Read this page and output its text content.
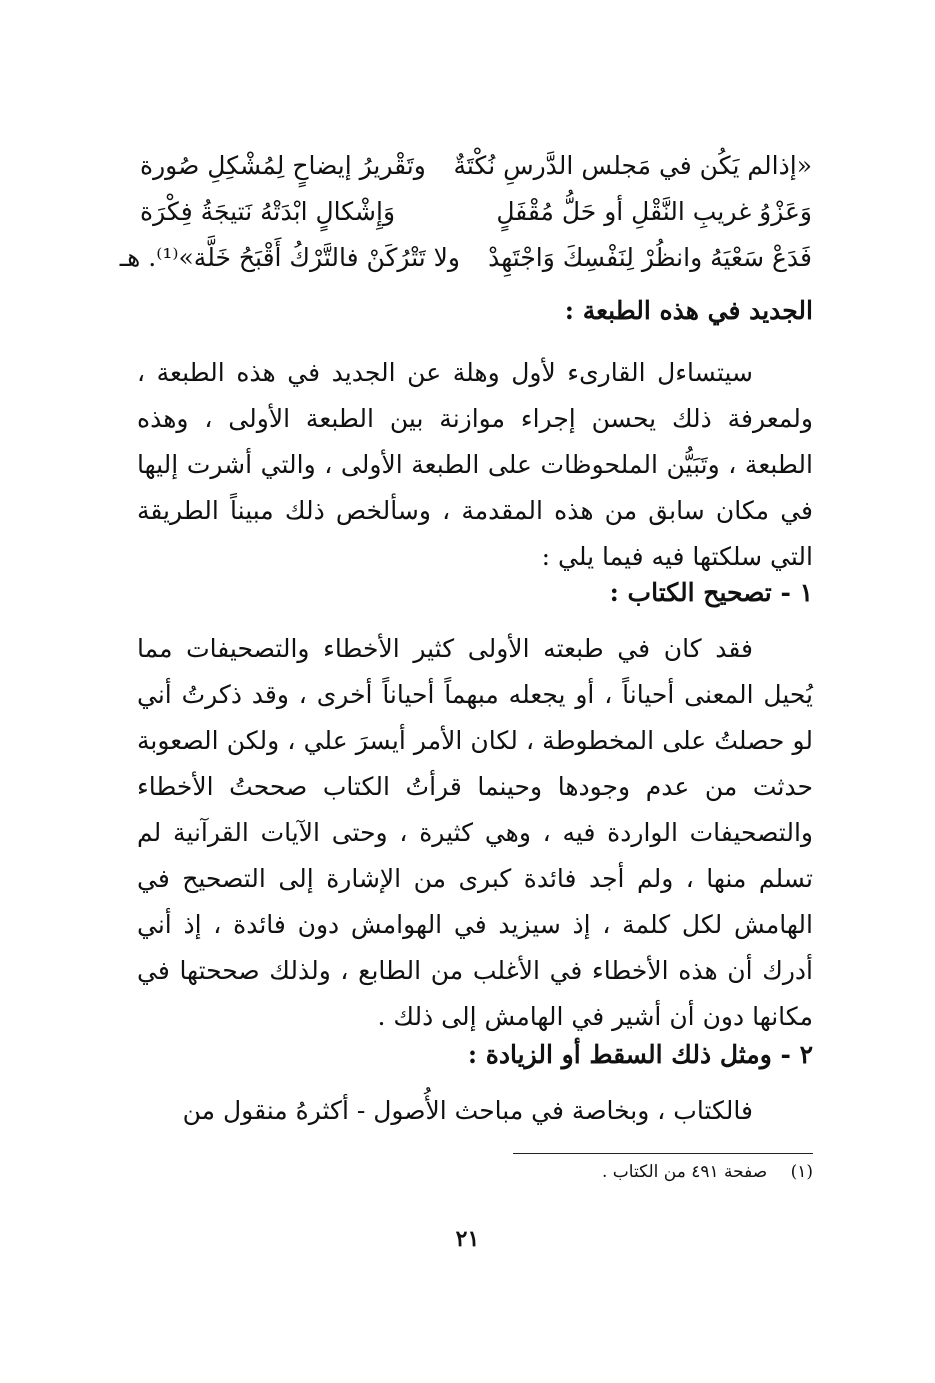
«إذالم يَكُن في مَجلس الدَّرسِ نُكْتَةٌ
وتَقْريرُ إيضاحٍ لِمُشْكِلِ صُورة
وَعَزْوُ غريبِ النَّقْلِ أو حَلُّ مُقْفَلٍ
وَإِشْكالٍ ابْدَتْهُ نَتيجَةُ فِكْرَة
فَدَعْ سَعْيَهُ وانظُرْ لِنَفْسِكَ وَاجْتَهِدْ
ولا تَتْرُكَنْ فالتَّرْكُ أَقْبَحُ خَلَّة»⁽¹⁾. هـ
الجديد في هذه الطبعة :

سيتساءل القارىء لأول وهلة عن الجديد في هذه الطبعة ، ولمعرفة ذلك يحسن إجراء موازنة بين الطبعة الأولى ، وهذه الطبعة ، وتَبَيُّن الملحوظات على الطبعة الأولى ، والتي أشرت إليها في مكان سابق من هذه المقدمة ، وسألخص ذلك مبيناً الطريقة التي سلكتها فيه فيما يلي :

١ - تصحيح الكتاب :

فقد كان في طبعته الأولى كثير الأخطاء والتصحيفات مما يُحيل المعنى أحياناً ، أو يجعله مبهماً أحياناً أخرى ، وقد ذكرتُ أني لو حصلتُ على المخطوطة ، لكان الأمر أيسرَ علي ، ولكن الصعوبة حدثت من عدم وجودها وحينما قرأتُ الكتاب صححتُ الأخطاء والتصحيفات الواردة فيه ، وهي كثيرة ، وحتى الآيات القرآنية لم تسلم منها ، ولم أجد فائدة كبرى من الإشارة إلى التصحيح في الهامش لكل كلمة ، إذ سيزيد في الهوامش دون فائدة ، إذ أني أدرك أن هذه الأخطاء في الأغلب من الطابع ، ولذلك صححتها في مكانها دون أن أشير في الهامش إلى ذلك .

٢ - ومثل ذلك السقط أو الزيادة :

فالكتاب ، وبخاصة في مباحث الأُصول - أكثرهُ منقول من

(١) صفحة ٤٩١ من الكتاب .
٢١
